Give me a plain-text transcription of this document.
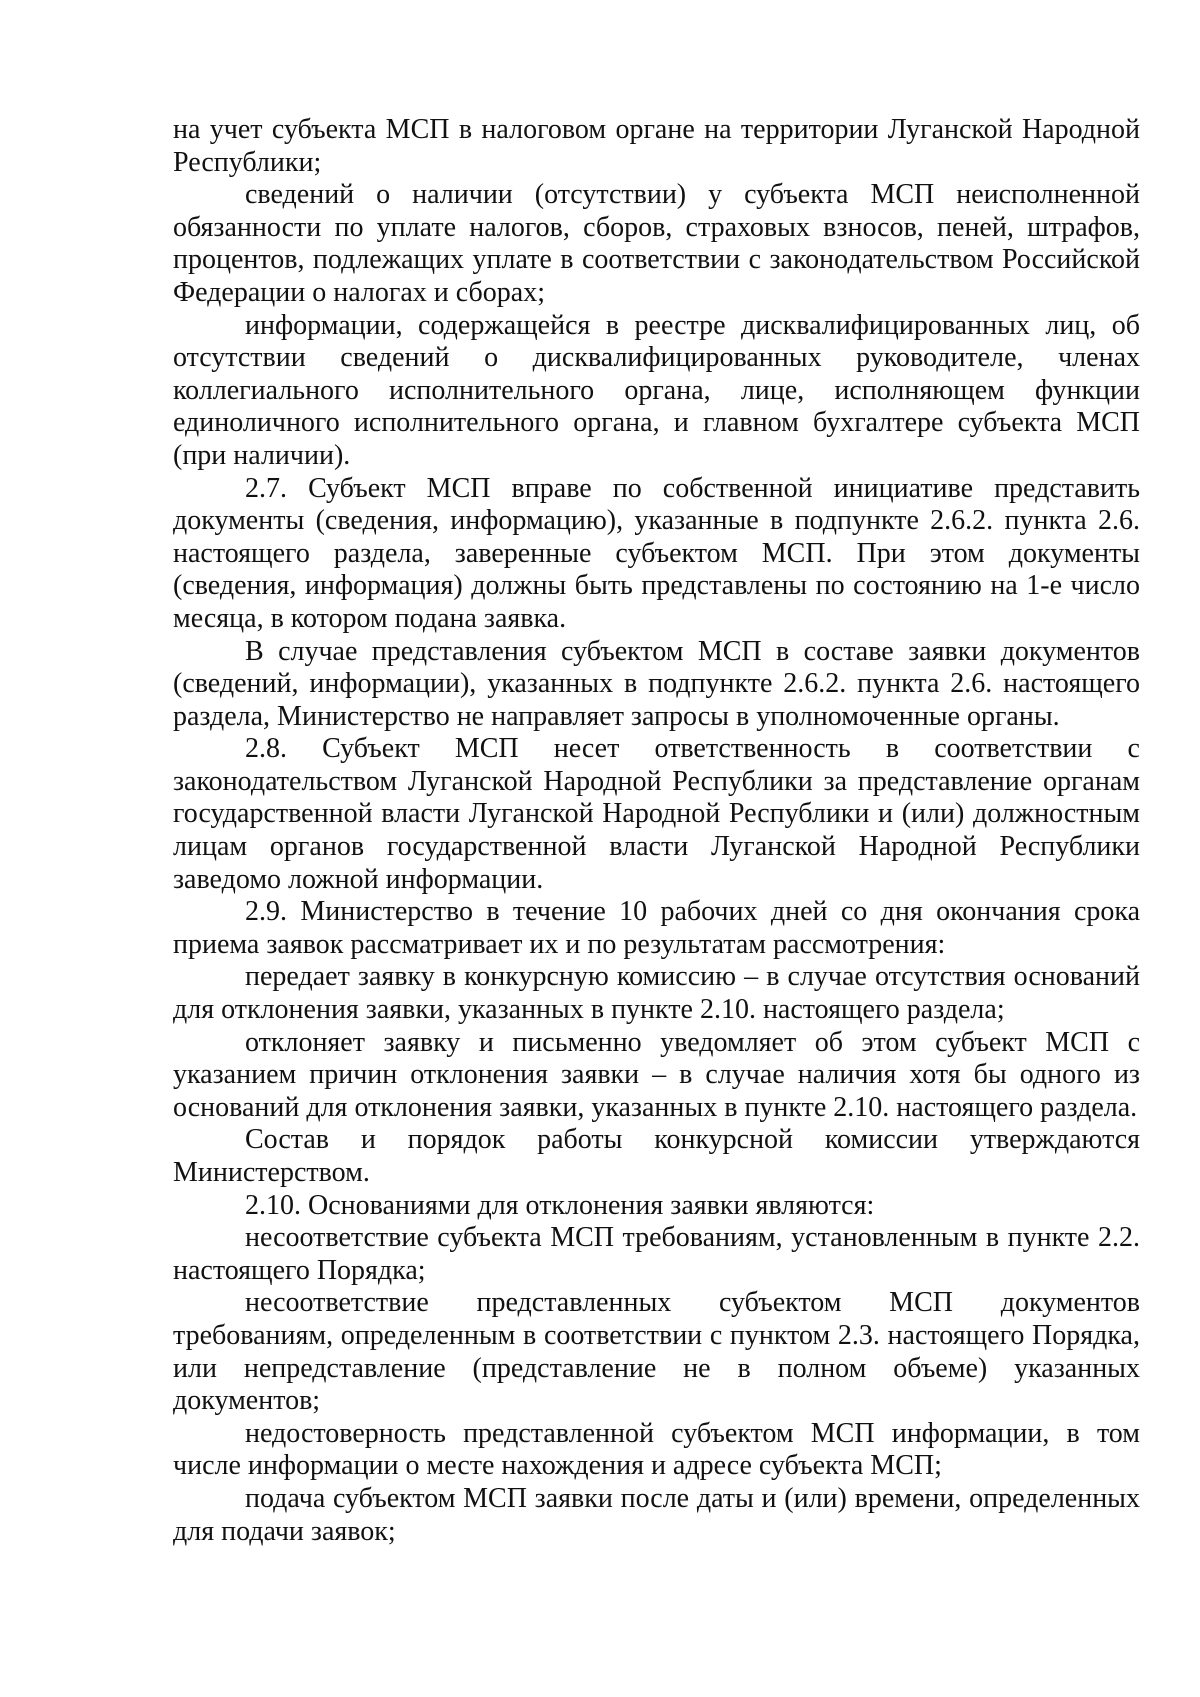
на учет субъекта МСП в налоговом органе на территории Луганской Народной Республики;

сведений о наличии (отсутствии) у субъекта МСП неисполненной обязанности по уплате налогов, сборов, страховых взносов, пеней, штрафов, процентов, подлежащих уплате в соответствии с законодательством Российской Федерации о налогах и сборах;

информации, содержащейся в реестре дисквалифицированных лиц, об отсутствии сведений о дисквалифицированных руководителе, членах коллегиального исполнительного органа, лице, исполняющем функции единоличного исполнительного органа, и главном бухгалтере субъекта МСП (при наличии).

2.7. Субъект МСП вправе по собственной инициативе представить документы (сведения, информацию), указанные в подпункте 2.6.2. пункта 2.6. настоящего раздела, заверенные субъектом МСП. При этом документы (сведения, информация) должны быть представлены по состоянию на 1-е число месяца, в котором подана заявка.

В случае представления субъектом МСП в составе заявки документов (сведений, информации), указанных в подпункте 2.6.2. пункта 2.6. настоящего раздела, Министерство не направляет запросы в уполномоченные органы.

2.8. Субъект МСП несет ответственность в соответствии с законодательством Луганской Народной Республики за представление органам государственной власти Луганской Народной Республики и (или) должностным лицам органов государственной власти Луганской Народной Республики заведомо ложной информации.

2.9. Министерство в течение 10 рабочих дней со дня окончания срока приема заявок рассматривает их и по результатам рассмотрения:

передает заявку в конкурсную комиссию – в случае отсутствия оснований для отклонения заявки, указанных в пункте 2.10. настоящего раздела;

отклоняет заявку и письменно уведомляет об этом субъект МСП с указанием причин отклонения заявки – в случае наличия хотя бы одного из оснований для отклонения заявки, указанных в пункте 2.10. настоящего раздела.

Состав и порядок работы конкурсной комиссии утверждаются Министерством.

2.10. Основаниями для отклонения заявки являются:

несоответствие субъекта МСП требованиям, установленным в пункте 2.2. настоящего Порядка;

несоответствие представленных субъектом МСП документов требованиям, определенным в соответствии с пунктом 2.3. настоящего Порядка, или непредставление (представление не в полном объеме) указанных документов;

недостоверность представленной субъектом МСП информации, в том числе информации о месте нахождения и адресе субъекта МСП;

подача субъектом МСП заявки после даты и (или) времени, определенных для подачи заявок;
